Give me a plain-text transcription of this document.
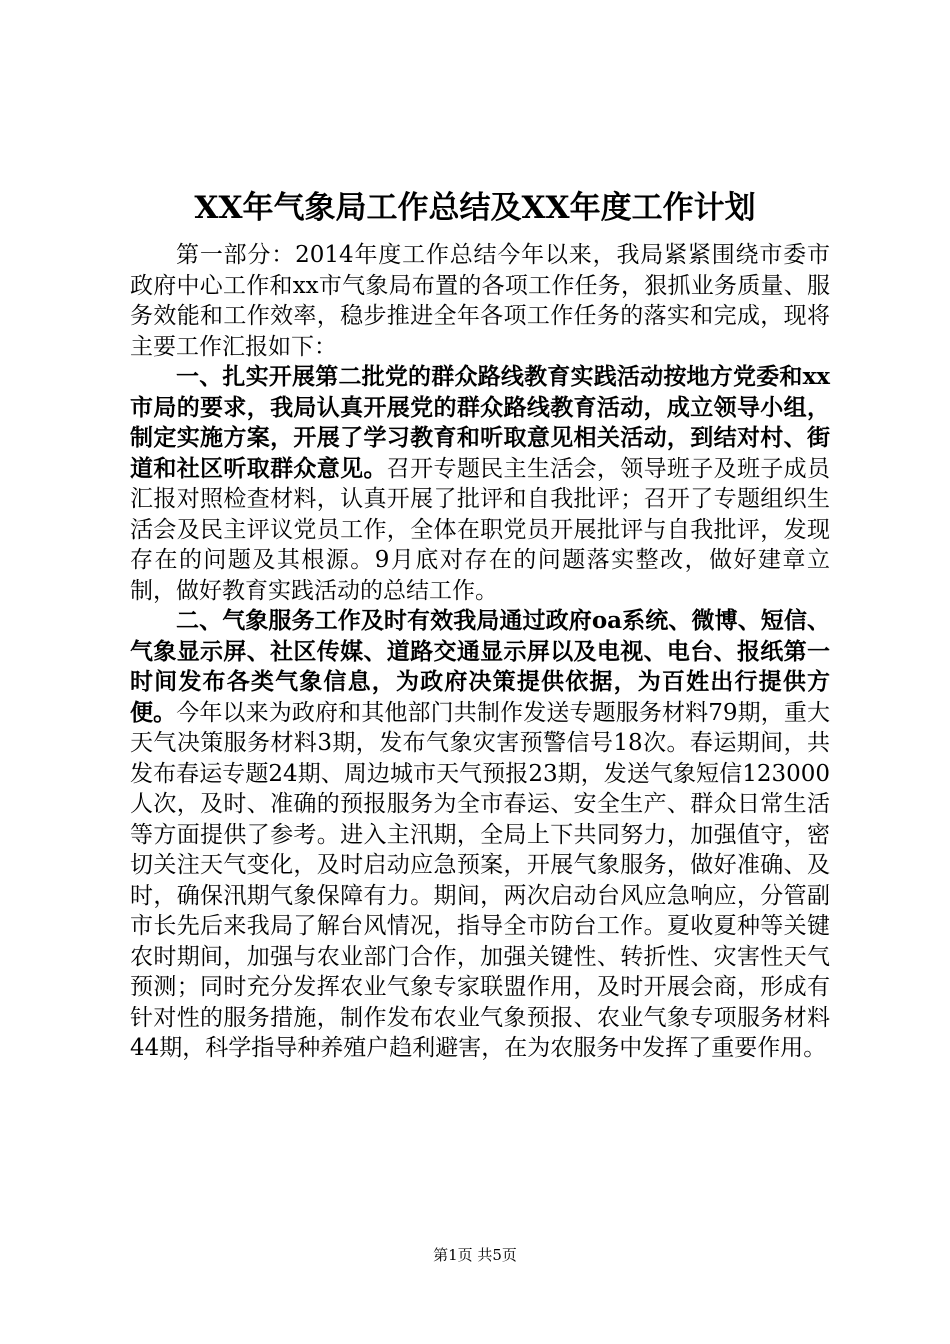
XX年气象局工作总结及XX年度工作计划

第一部分：2014年度工作总结今年以来，我局紧紧围绕市委市政府中心工作和xx市气象局布置的各项工作任务，狠抓业务质量、服务效能和工作效率，稳步推进全年各项工作任务的落实和完成，现将主要工作汇报如下：

一、扎实开展第二批党的群众路线教育实践活动按地方党委和xx市局的要求，我局认真开展党的群众路线教育活动，成立领导小组，制定实施方案，开展了学习教育和听取意见相关活动，到结对村、街道和社区听取群众意见。召开专题民主生活会，领导班子及班子成员汇报对照检查材料，认真开展了批评和自我批评；召开了专题组织生活会及民主评议党员工作，全体在职党员开展批评与自我批评，发现存在的问题及其根源。9月底对存在的问题落实整改，做好建章立制，做好教育实践活动的总结工作。

二、气象服务工作及时有效我局通过政府oa系统、微博、短信、气象显示屏、社区传媒、道路交通显示屏以及电视、电台、报纸第一时间发布各类气象信息，为政府决策提供依据，为百姓出行提供方便。今年以来为政府和其他部门共制作发送专题服务材料79期，重大天气决策服务材料3期，发布气象灾害预警信号18次。春运期间，共发布春运专题24期、周边城市天气预报23期，发送气象短信123000人次，及时、准确的预报服务为全市春运、安全生产、群众日常生活等方面提供了参考。进入主汛期，全局上下共同努力，加强值守，密切关注天气变化，及时启动应急预案，开展气象服务，做好准确、及时，确保汛期气象保障有力。期间，两次启动台风应急响应，分管副市长先后来我局了解台风情况，指导全市防台工作。夏收夏种等关键农时期间，加强与农业部门合作，加强关键性、转折性、灾害性天气预测；同时充分发挥农业气象专家联盟作用，及时开展会商，形成有针对性的服务措施，制作发布农业气象预报、农业气象专项服务材料44期，科学指导种养殖户趋利避害，在为农服务中发挥了重要作用。

第1页 共5页
